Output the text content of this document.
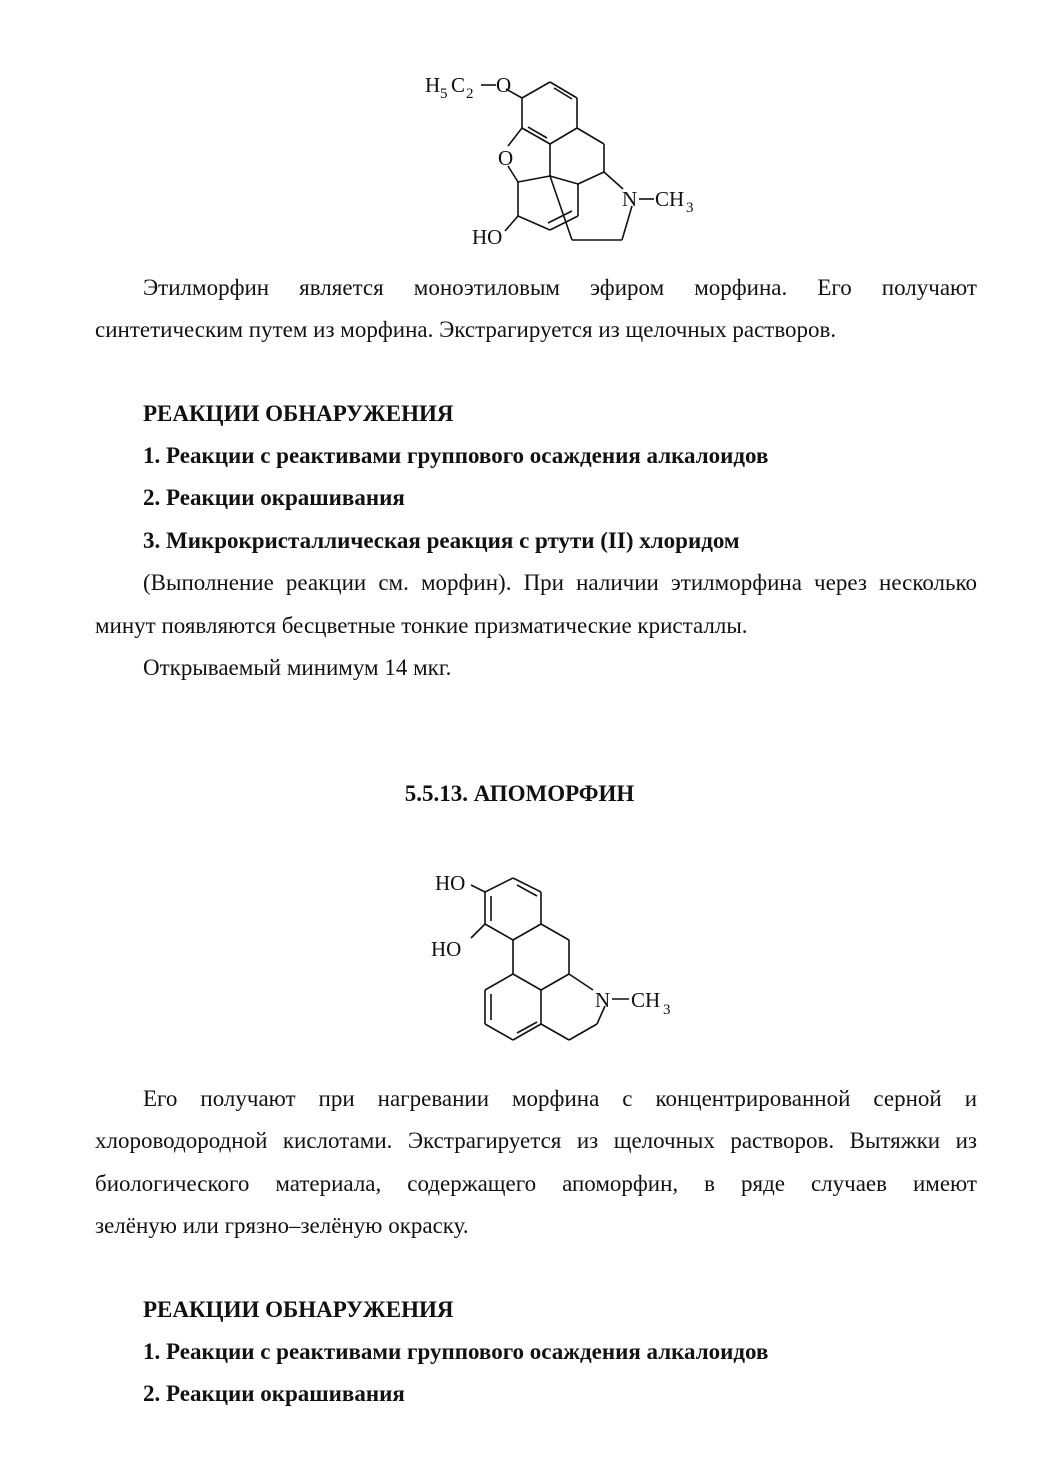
H 5 C 2 O
O
N CH 3
HO
Этилморфин является моноэтиловым эфиром морфина. Его получают
синтетическим путем из морфина. Экстрагируется из щелочных растворов.
РЕАКЦИИ ОБНАРУЖЕНИЯ
1. Реакции с реактивами группового осаждения алкалоидов
2. Реакции окрашивания
3. Микрокристаллическая реакция с ртути (II) хлоридом
(Выполнение реакции см. морфин). При наличии этилморфина через несколько
минут появляются бесцветные тонкие призматические кристаллы.
Открываемый минимум 14 мкг.
5.5.13. АПОМОРФИН
HO
HO
N CH 3
Его получают при нагревании морфина с концентрированной серной и
хлороводородной кислотами. Экстрагируется из щелочных растворов. Вытяжки из
биологического материала, содержащего апоморфин, в ряде случаев имеют
зелёную или грязно–зелёную окраску.
РЕАКЦИИ ОБНАРУЖЕНИЯ
1. Реакции с реактивами группового осаждения алкалоидов
2. Реакции окрашивания
